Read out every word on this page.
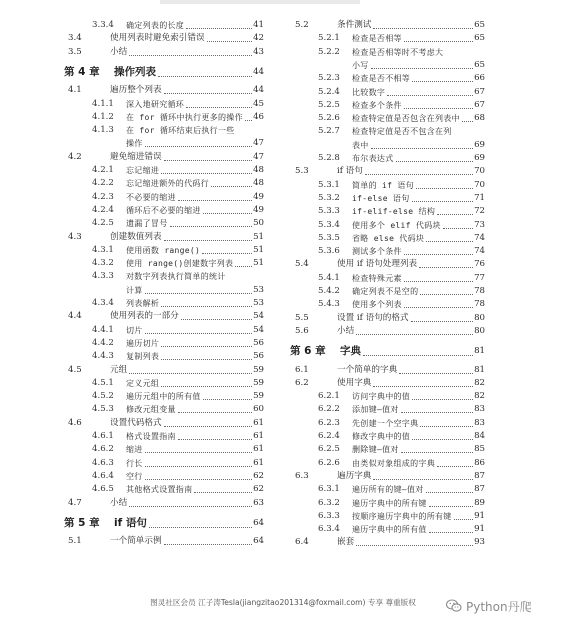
3.3.4	确定列表的长度	41
3.4	使用列表时避免索引错误	42
3.5	小结	43
第 4 章	操作列表	44
4.1	遍历整个列表	44
4.1.1	深入地研究循环	45
4.1.2	在 for 循环中执行更多的操作 46
4.1.3	在 for 循环结束后执行一些
操作	47
4.2	避免缩进错误	47
4.2.1	忘记缩进	48
4.2.2	忘记缩进额外的代码行	48
4.2.3	不必要的缩进	49
4.2.4	循环后不必要的缩进	49
4.2.5	遗漏了冒号	50
4.3	创建数值列表	51
4.3.1	使用函数 range()	51
4.3.2	使用 range()创建数字列表 51
4.3.3	对数字列表执行简单的统计
计算	53
4.3.4	列表解析	53
4.4	使用列表的一部分	54
4.4.1	切片	54
4.4.2	遍历切片	56
4.4.3	复制列表	56
4.5	元组	59
4.5.1	定义元组	59
4.5.2	遍历元组中的所有值	59
4.5.3	修改元组变量	60
4.6	设置代码格式	61
4.6.1	格式设置指南	61
4.6.2	缩进	61
4.6.3	行长	61
4.6.4	空行	62
4.6.5	其他格式设置指南	62
4.7	小结	63
第 5 章	if 语句	64
5.1	一个简单示例	64
5.2	条件测试	65
5.2.1	检查是否相等	65
5.2.2	检查是否相等时不考虑大
小写	65
5.2.3	检查是否不相等	66
5.2.4	比较数字	67
5.2.5	检查多个条件	67
5.2.6	检查特定值是否包含在列表中 68
5.2.7	检查特定值是否不包含在列
表中	69
5.2.8	布尔表达式	69
5.3	if 语句	70
5.3.1	简单的 if 语句	70
5.3.2	if-else 语句	71
5.3.3	if-elif-else 结构	72
5.3.4	使用多个 elif 代码块	73
5.3.5	省略 else 代码块	74
5.3.6	测试多个条件	74
5.4	使用 if 语句处理列表	76
5.4.1	检查特殊元素	77
5.4.2	确定列表不是空的	78
5.4.3	使用多个列表	78
5.5	设置 if 语句的格式	80
5.6	小结	80
第 6 章	字典	81
6.1	一个简单的字典	81
6.2	使用字典	82
6.2.1	访问字典中的值	82
6.2.2	添加键—值对	83
6.2.3	先创建一个空字典	83
6.2.4	修改字典中的值	84
6.2.5	删除键—值对	85
6.2.6	由类似对象组成的字典	86
6.3	遍历字典	87
6.3.1	遍历所有的键—值对	87
6.3.2	遍历字典中的所有键	89
6.3.3	按顺序遍历字典中的所有键	91
6.3.4	遍历字典中的所有值	91
6.4	嵌套	93
图灵社区会员 江子涛Tesla(jiangzitao201314@foxmail.com) 专享 尊重版权	Python丹爬
